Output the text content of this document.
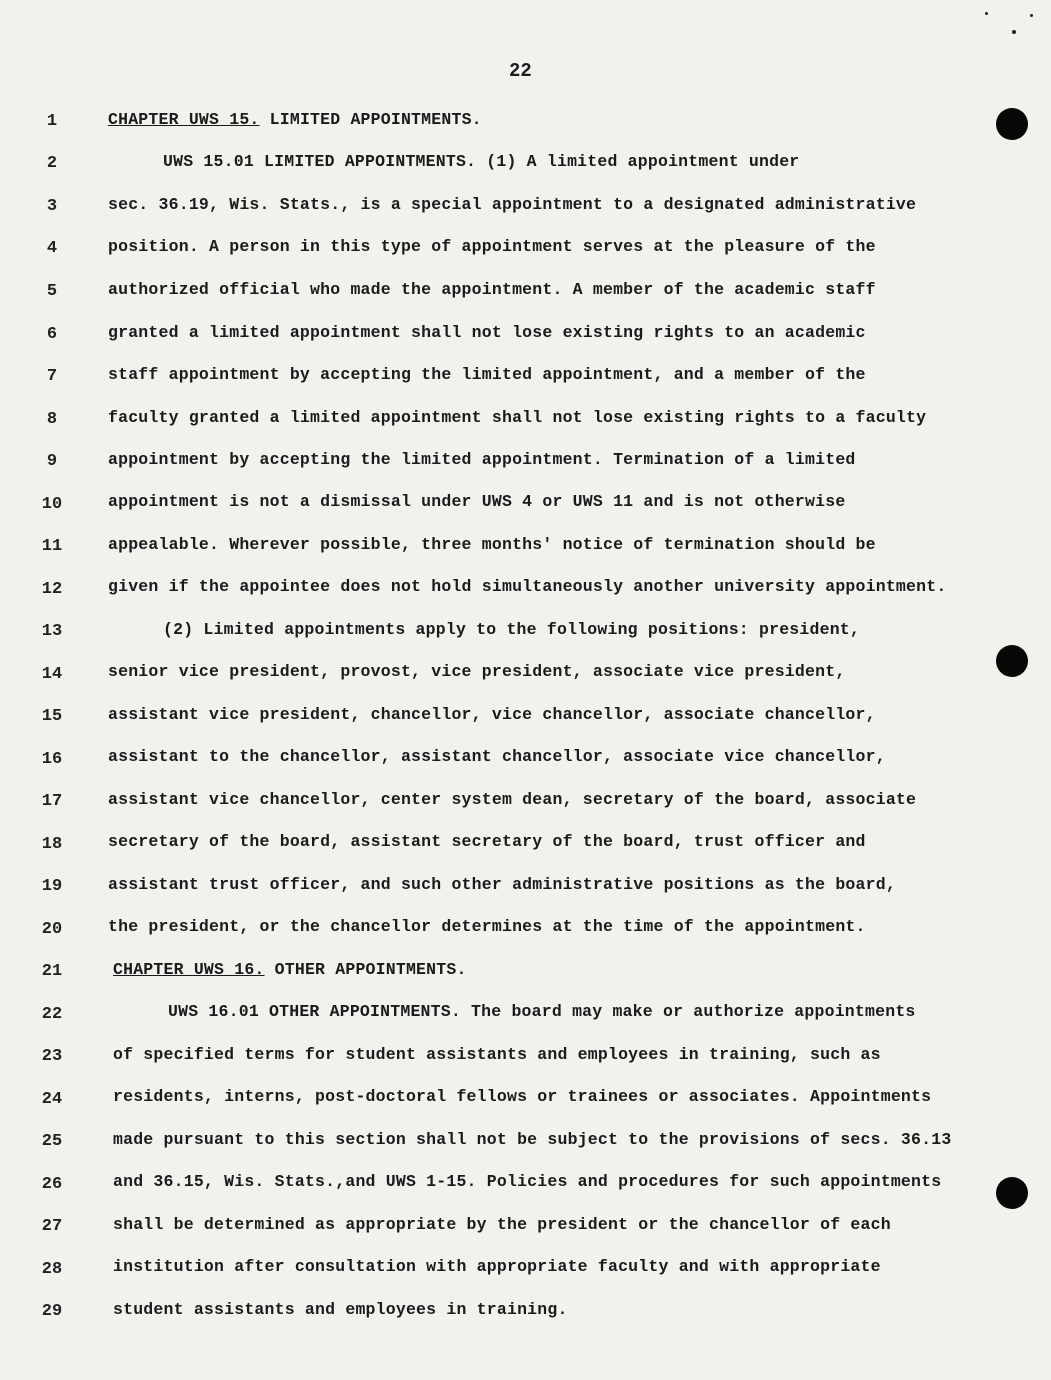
22
1	CHAPTER UWS 15. LIMITED APPOINTMENTS.
2	UWS 15.01 LIMITED APPOINTMENTS. (1) A limited appointment under
3	sec. 36.19, Wis. Stats., is a special appointment to a designated administrative
4	position. A person in this type of appointment serves at the pleasure of the
5	authorized official who made the appointment. A member of the academic staff
6	granted a limited appointment shall not lose existing rights to an academic
7	staff appointment by accepting the limited appointment, and a member of the
8	faculty granted a limited appointment shall not lose existing rights to a faculty
9	appointment by accepting the limited appointment. Termination of a limited
10	appointment is not a dismissal under UWS 4 or UWS 11 and is not otherwise
11	appealable. Wherever possible, three months' notice of termination should be
12	given if the appointee does not hold simultaneously another university appointment.
13	(2) Limited appointments apply to the following positions: president,
14	senior vice president, provost, vice president, associate vice president,
15	assistant vice president, chancellor, vice chancellor, associate chancellor,
16	assistant to the chancellor, assistant chancellor, associate vice chancellor,
17	assistant vice chancellor, center system dean, secretary of the board, associate
18	secretary of the board, assistant secretary of the board, trust officer and
19	assistant trust officer, and such other administrative positions as the board,
20	the president, or the chancellor determines at the time of the appointment.
21	CHAPTER UWS 16. OTHER APPOINTMENTS.
22	UWS 16.01 OTHER APPOINTMENTS. The board may make or authorize appointments
23	of specified terms for student assistants and employees in training, such as
24	residents, interns, post-doctoral fellows or trainees or associates. Appointments
25	made pursuant to this section shall not be subject to the provisions of secs. 36.13
26	and 36.15, Wis. Stats.,and UWS 1-15. Policies and procedures for such appointments
27	shall be determined as appropriate by the president or the chancellor of each
28	institution after consultation with appropriate faculty and with appropriate
29	student assistants and employees in training.
